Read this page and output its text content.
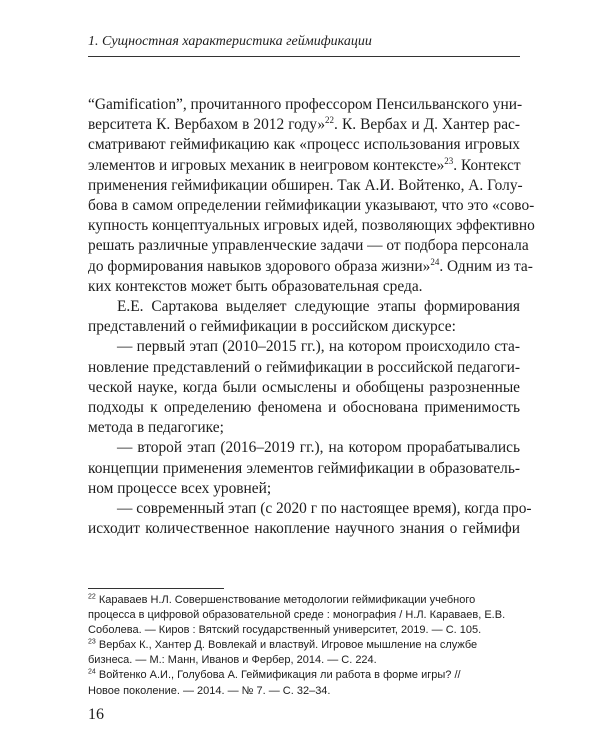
1. Сущностная характеристика геймификации
“Gamification”, прочитанного профессором Пенсильванского уни-
верситета К. Вербахом в 2012 году»$^{22}$. К. Вербах и Д. Хантер рас-
сматривают геймификацию как «процесс использования игровых
элементов и игровых механик в неигровом контексте»$^{23}$. Контекст
применения геймификации обширен. Так А.И. Войтенко, А. Голу-
бова в самом определении геймификации указывают, что это «сово-
купность концептуальных игровых идей, позволяющих эффективно
решать различные управленческие задачи — от подбора персонала
до формирования навыков здорового образа жизни»$^{24}$. Одним из та-
ких контекстов может быть образовательная среда.
Е.Е. Сартакова выделяет следующие этапы формирования
представлений о геймификации в российском дискурсе:
— первый этап (2010–2015 гг.), на котором происходило ста-
новление представлений о геймификации в российской педагоги-
ческой науке, когда были осмыслены и обобщены разрозненные
подходы к определению феномена и обоснована применимость
метода в педагогике;
— второй этап (2016–2019 гг.), на котором прорабатывались
концепции применения элементов геймификации в образователь-
ном процессе всех уровней;
— современный этап (с 2020 г по настоящее время), когда про-
исходит количественное накопление научного знания о геймифи
$^{22}$ Караваев Н.Л. Совершенствование методологии геймификации учебного
процесса в цифровой образовательной среде : монография / Н.Л. Караваев, Е.В.
Соболева. — Киров : Вятский государственный университет, 2019. — С. 105.
$^{23}$ Вербах К., Хантер Д. Вовлекай и властвуй. Игровое мышление на службе
бизнеса. — М.: Манн, Иванов и Фербер, 2014. — С. 224.
$^{24}$ Войтенко А.И., Голубова А. Геймификация ли работа в форме игры? //
Новое поколение. — 2014. — № 7. — С. 32–34.
16
